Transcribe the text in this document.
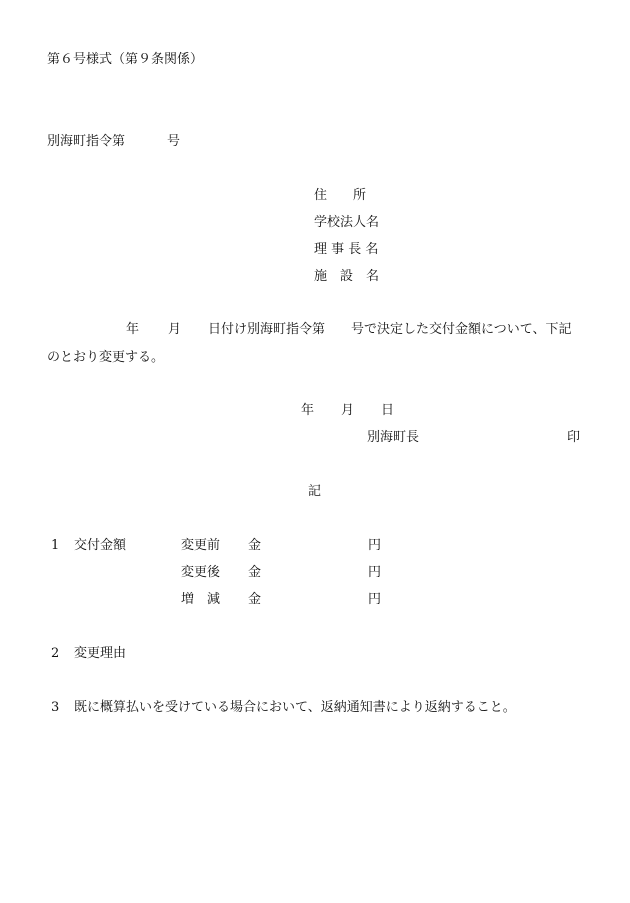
第６号様式（第９条関係）
別海町指令第	号
住　　所
学校法人名
理 事 長 名
施　設　名
年 月 日付け別海町指令第　　号で決定した交付金額について、下記
のとおり変更する。
年 月 日
別海町長	印
記
1 交付金額	変更前 金	円
変更後 金	円
増　減 金	円
2 変更理由
3 既に概算払いを受けている場合において、返納通知書により返納すること。
